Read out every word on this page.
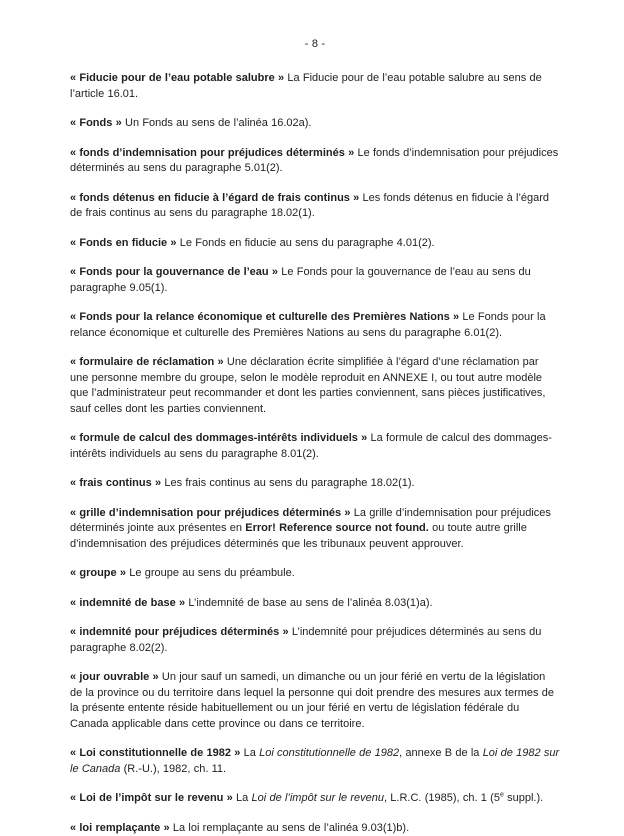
- 8 -

« Fiducie pour de l’eau potable salubre » La Fiducie pour de l’eau potable salubre au sens de l’article 16.01.

« Fonds » Un Fonds au sens de l’alinéa 16.02a).

« fonds d’indemnisation pour préjudices déterminés » Le fonds d’indemnisation pour préjudices déterminés au sens du paragraphe 5.01(2).

« fonds détenus en fiducie à l’égard de frais continus » Les fonds détenus en fiducie à l’égard de frais continus au sens du paragraphe 18.02(1).

« Fonds en fiducie » Le Fonds en fiducie au sens du paragraphe 4.01(2).

« Fonds pour la gouvernance de l’eau » Le Fonds pour la gouvernance de l’eau au sens du paragraphe 9.05(1).

« Fonds pour la relance économique et culturelle des Premières Nations » Le Fonds pour la relance économique et culturelle des Premières Nations au sens du paragraphe 6.01(2).

« formulaire de réclamation » Une déclaration écrite simplifiée à l’égard d’une réclamation par une personne membre du groupe, selon le modèle reproduit en ANNEXE I, ou tout autre modèle que l’administrateur peut recommander et dont les parties conviennent, sans pièces justificatives, sauf celles dont les parties conviennent.

« formule de calcul des dommages-intérêts individuels » La formule de calcul des dommages-intérêts individuels au sens du paragraphe 8.01(2).

« frais continus » Les frais continus au sens du paragraphe 18.02(1).

« grille d’indemnisation pour préjudices déterminés » La grille d’indemnisation pour préjudices déterminés jointe aux présentes en Error! Reference source not found. ou toute autre grille d’indemnisation des préjudices déterminés que les tribunaux peuvent approuver.

« groupe » Le groupe au sens du préambule.

« indemnité de base » L’indemnité de base au sens de l’alinéa 8.03(1)a).

« indemnité pour préjudices déterminés » L’indemnité pour préjudices déterminés au sens du paragraphe 8.02(2).

« jour ouvrable » Un jour sauf un samedi, un dimanche ou un jour férié en vertu de la législation de la province ou du territoire dans lequel la personne qui doit prendre des mesures aux termes de la présente entente réside habituellement ou un jour férié en vertu de législation fédérale du Canada applicable dans cette province ou dans ce territoire.

« Loi constitutionnelle de 1982 » La Loi constitutionnelle de 1982, annexe B de la Loi de 1982 sur le Canada (R.-U.), 1982, ch. 11.

« Loi de l’impôt sur le revenu » La Loi de l’impôt sur le revenu, L.R.C. (1985), ch. 1 (5e suppl.).

« loi remplaçante » La loi remplaçante au sens de l’alinéa 9.03(1)b).
